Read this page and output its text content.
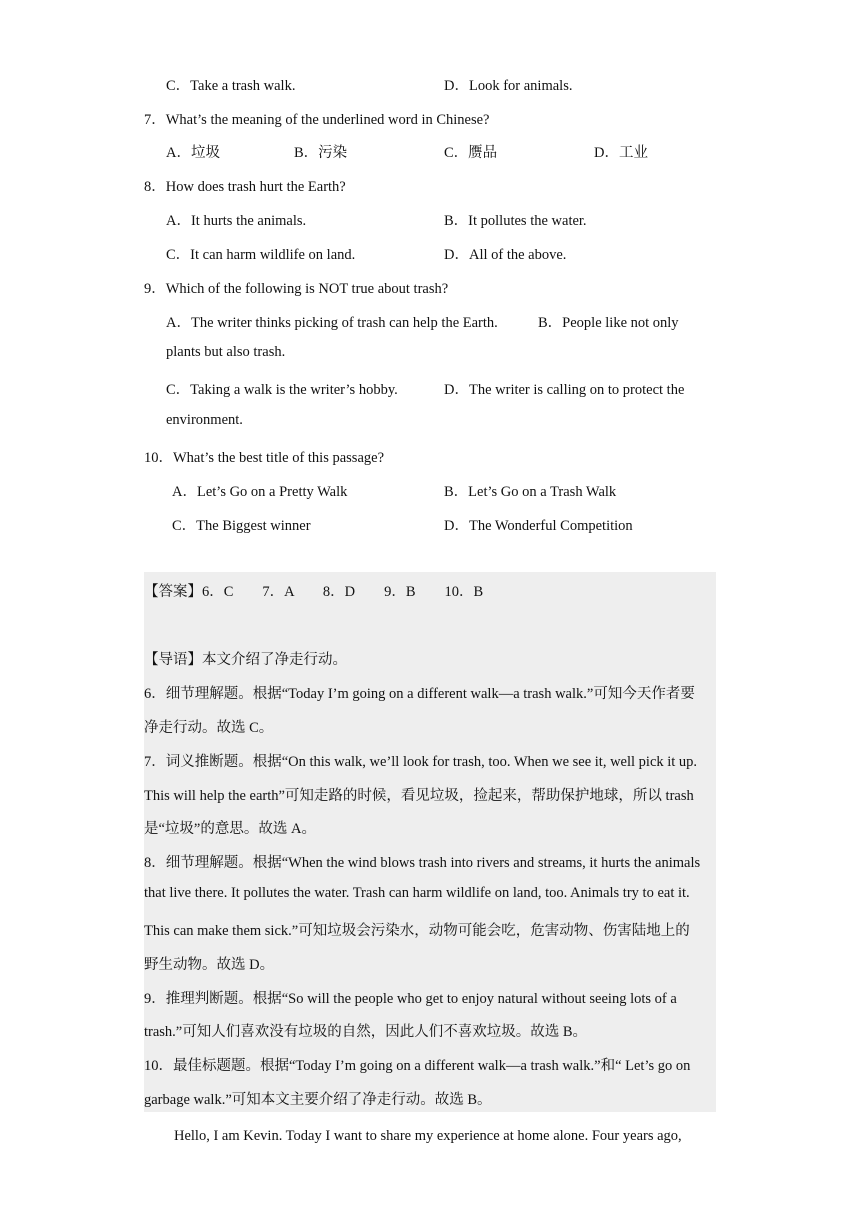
C．Take a trash walk.	D．Look for animals.
7．What’s the meaning of the underlined word in Chinese?
A．垃圾	B．污染	C．赝品	D．工业
8．How does trash hurt the Earth?
A．It hurts the animals.	B．It pollutes the water.
C．It can harm wildlife on land.	D．All of the above.
9．Which of the following is NOT true about trash?
A．The writer thinks picking of trash can help the Earth.	B．People like not only
plants but also trash.
C．Taking a walk is the writer’s hobby.	D．The writer is calling on to protect the
environment.
10．What’s the best title of this passage?
A．Let’s Go on a Pretty Walk	B．Let’s Go on a Trash Walk
C．The Biggest winner	D．The Wonderful Competition
【答案】6．C　　7．A　　8．D　　9．B　　10．B
【导语】本文介绍了净走行动。
6．细节理解题。根据“Today I’m going on a different walk—a trash walk.”可知今天作者要
净走行动。故选 C。
7．词义推断题。根据“On this walk, we’ll look for trash, too. When we see it, well pick it up.
This will help the earth”可知走路的时候，看见垃圾，捡起来，帮助保护地球，所以 trash
是“垃圾”的意思。故选 A。
8．细节理解题。根据“When the wind blows trash into rivers and streams, it hurts the animals
that live there. It pollutes the water. Trash can harm wildlife on land, too. Animals try to eat it.
This can make them sick.”可知垃圾会污染水，动物可能会吃，危害动物、伤害陆地上的
野生动物。故选 D。
9．推理判断题。根据“So will the people who get to enjoy natural without seeing lots of a
trash.”可知人们喜欢没有垃圾的自然，因此人们不喜欢垃圾。故选 B。
10．最佳标题题。根据“Today I’m going on a different walk—a trash walk.”和“ Let’s go on
garbage walk.”可知本文主要介绍了净走行动。故选 B。
Hello, I am Kevin. Today I want to share my experience at home alone. Four years ago,
